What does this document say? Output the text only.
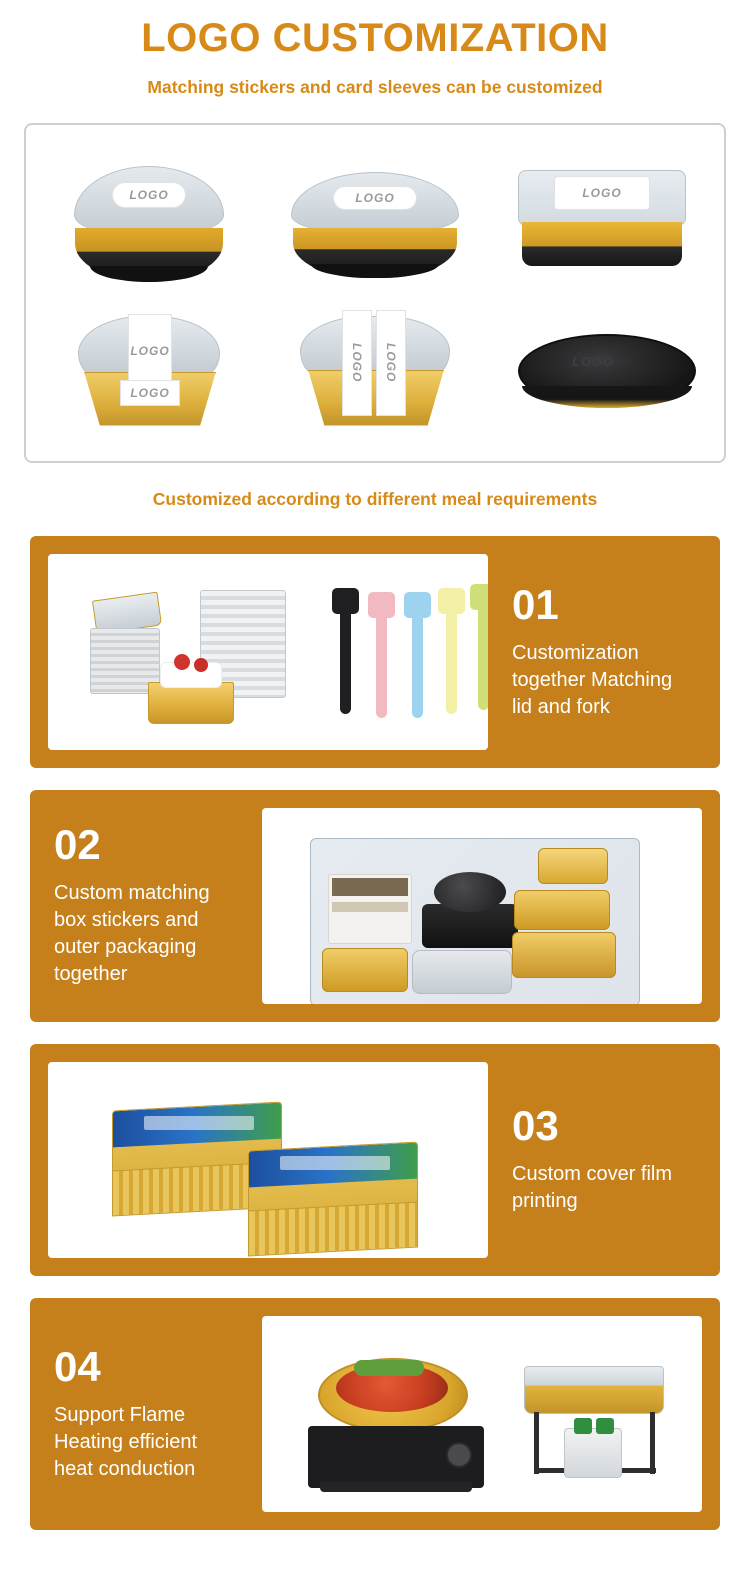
LOGO CUSTOMIZATION
Matching stickers and card sleeves can be customized
LOGO	LOGO	LOGO
LOGO
LOGO
LOGO LOGO	LOGO
Customized according to different meal requirements
01
Customization together Matching lid and fork
02
Custom matching box stickers and outer packaging together
03
Custom cover film printing
04
Support Flame Heating efficient heat conduction
